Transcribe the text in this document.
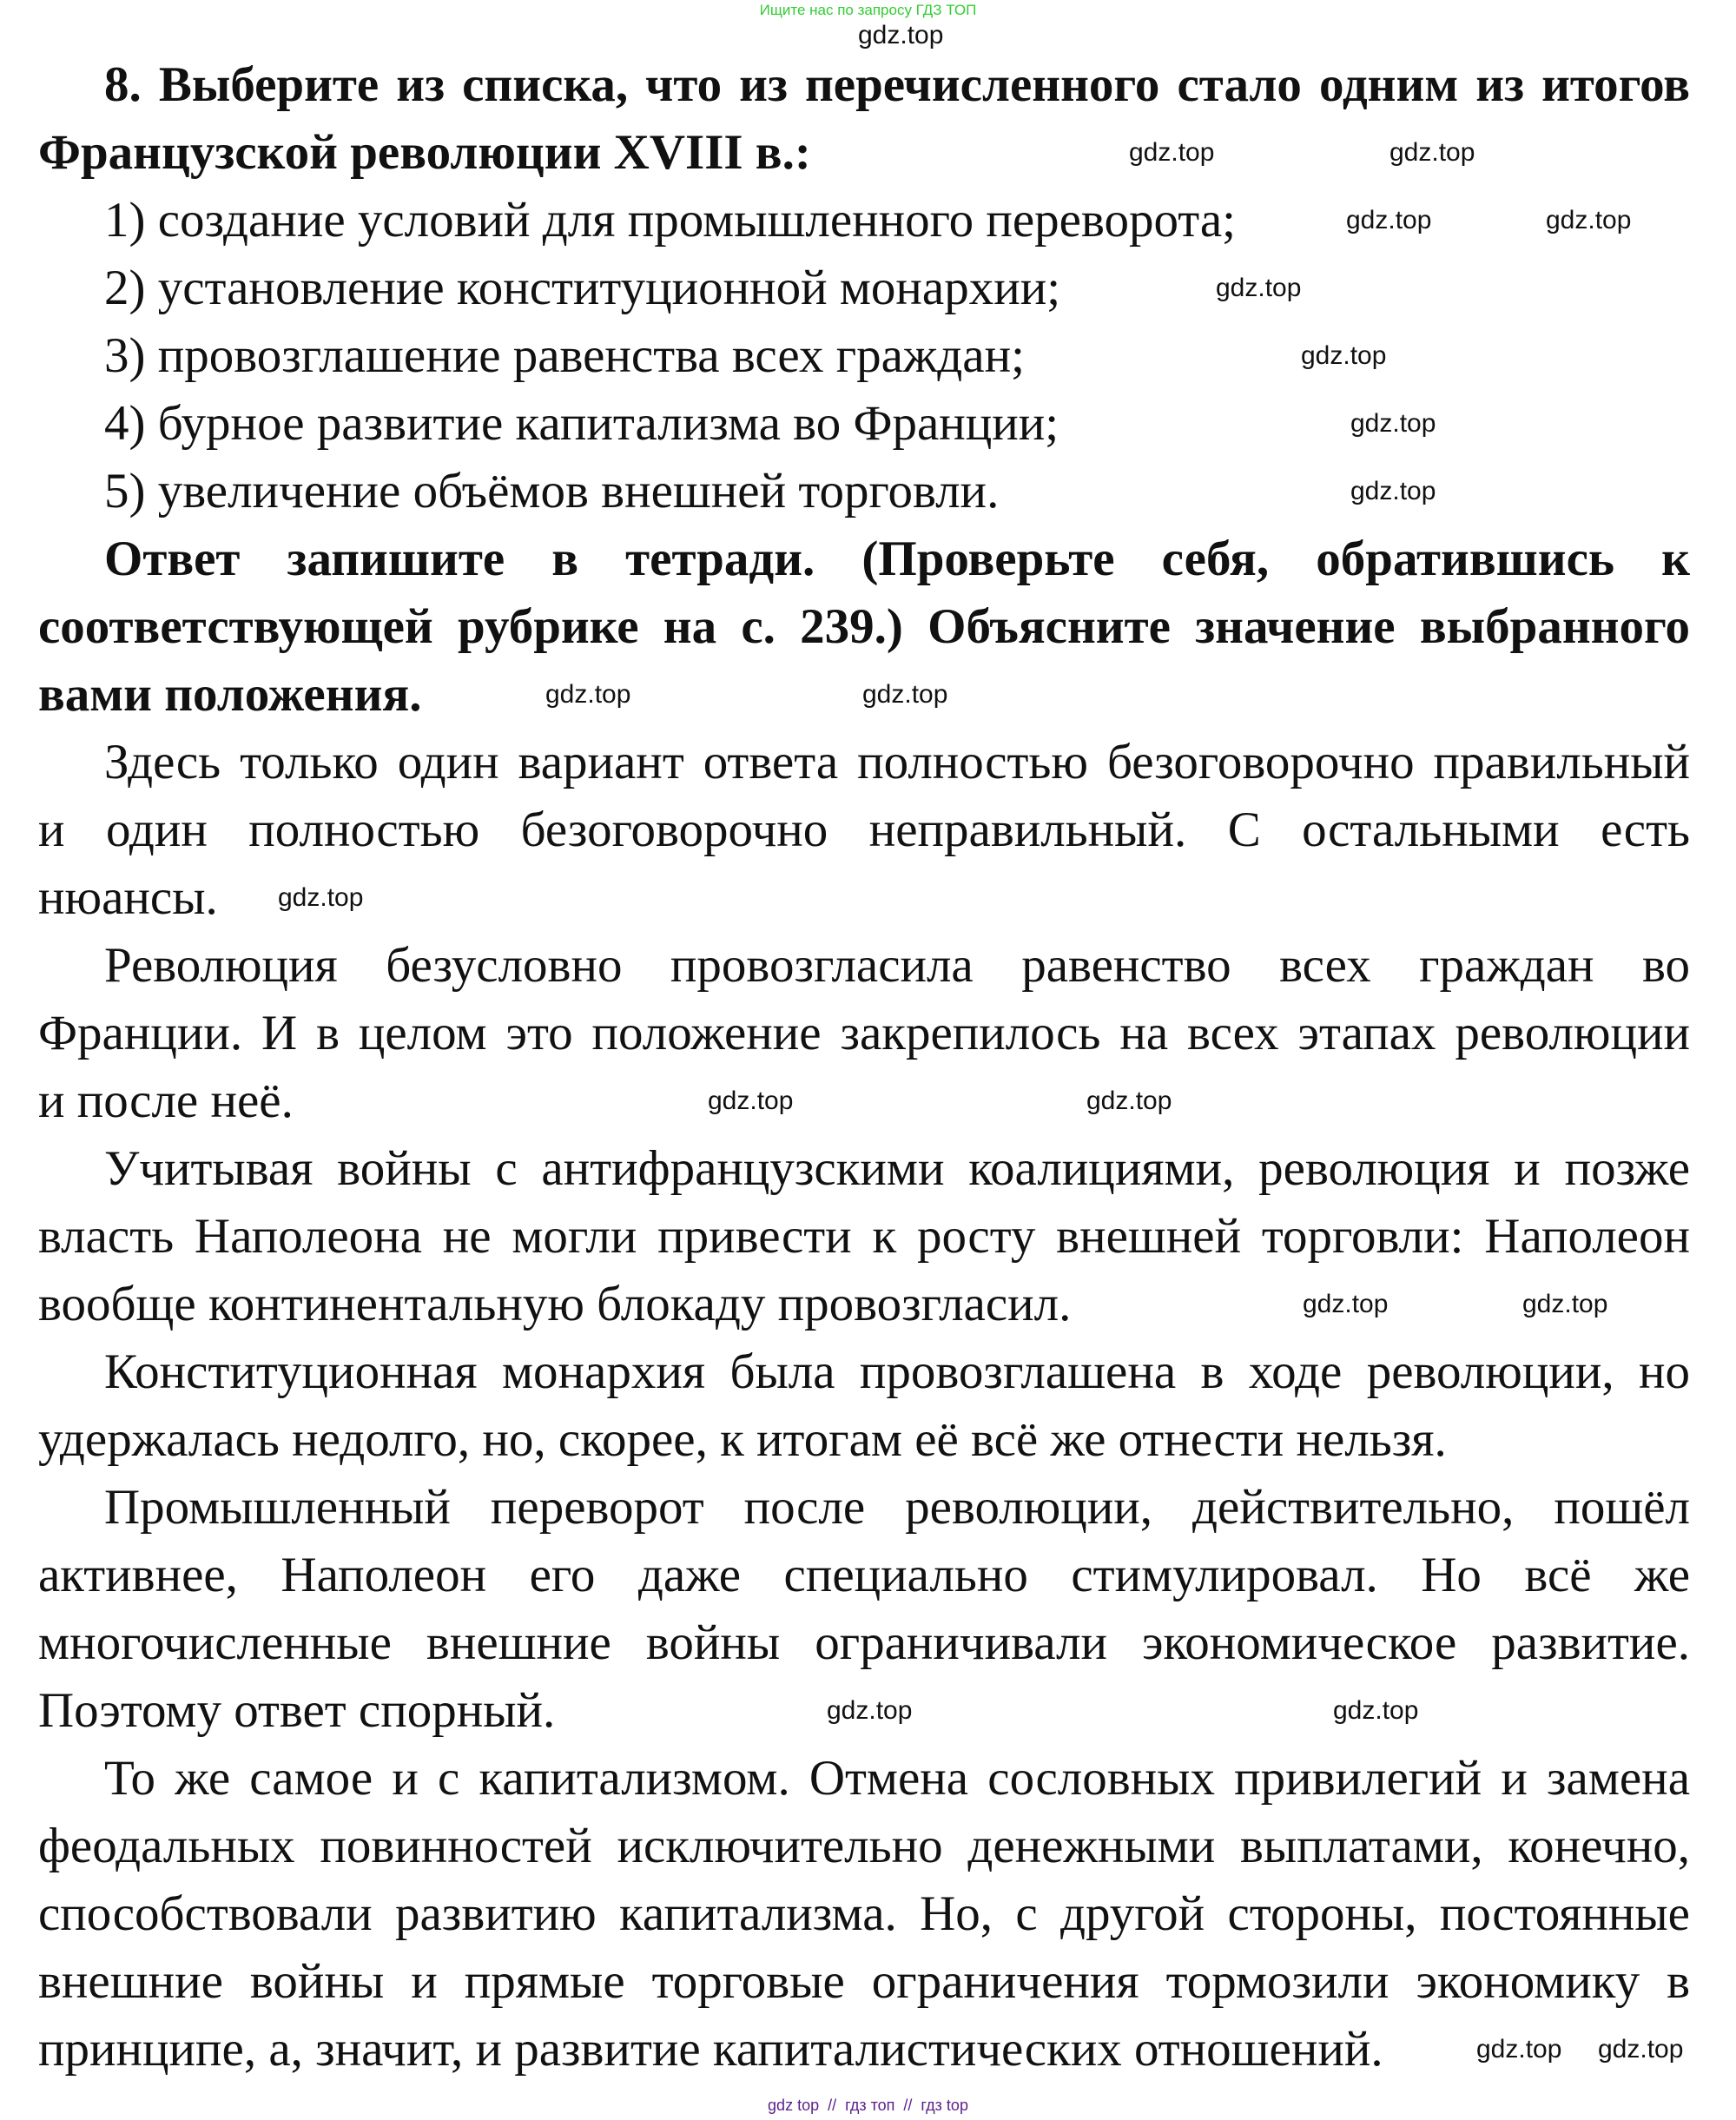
Ищите нас по запросу ГДЗ ТОП
8. Выберите из списка, что из перечисленного стало одним из итогов
Французской революции XVIII в.:
1) создание условий для промышленного переворота;
2) установление конституционной монархии;
3) провозглашение равенства всех граждан;
4) бурное развитие капитализма во Франции;
5) увеличение объёмов внешней торговли.
Ответ запишите в тетради. (Проверьте себя, обратившись к
соответствующей рубрике на с. 239.) Объясните значение выбранного
вами положения.
Здесь только один вариант ответа полностью безоговорочно правильный
и один полностью безоговорочно неправильный. С остальными есть
нюансы.
Революция безусловно провозгласила равенство всех граждан во
Франции. И в целом это положение закрепилось на всех этапах революции
и после неё.
Учитывая войны с антифранцузскими коалициями, революция и позже
власть Наполеона не могли привести к росту внешней торговли: Наполеон
вообще континентальную блокаду провозгласил.
Конституционная монархия была провозглашена в ходе революции, но
удержалась недолго, но, скорее, к итогам её всё же отнести нельзя.
Промышленный переворот после революции, действительно, пошёл
активнее, Наполеон его даже специально стимулировал. Но всё же
многочисленные внешние войны ограничивали экономическое развитие.
Поэтому ответ спорный.
То же самое и с капитализмом. Отмена сословных привилегий и замена
феодальных повинностей исключительно денежными выплатами, конечно,
способствовали развитию капитализма. Но, с другой стороны, постоянные
внешние войны и прямые торговые ограничения тормозили экономику в
принципе, а, значит, и развитие капиталистических отношений.
gdz.top
gdz.top	gdz.top
gdz.top	gdz.top
gdz.top
gdz.top
gdz.top
gdz.top
gdz.top	gdz.top
gdz.top
gdz.top	gdz.top
gdz.top	gdz.top
gdz.top	gdz.top
gdz.top gdz.top
gdz top  //  гдз топ  //  гдз top
